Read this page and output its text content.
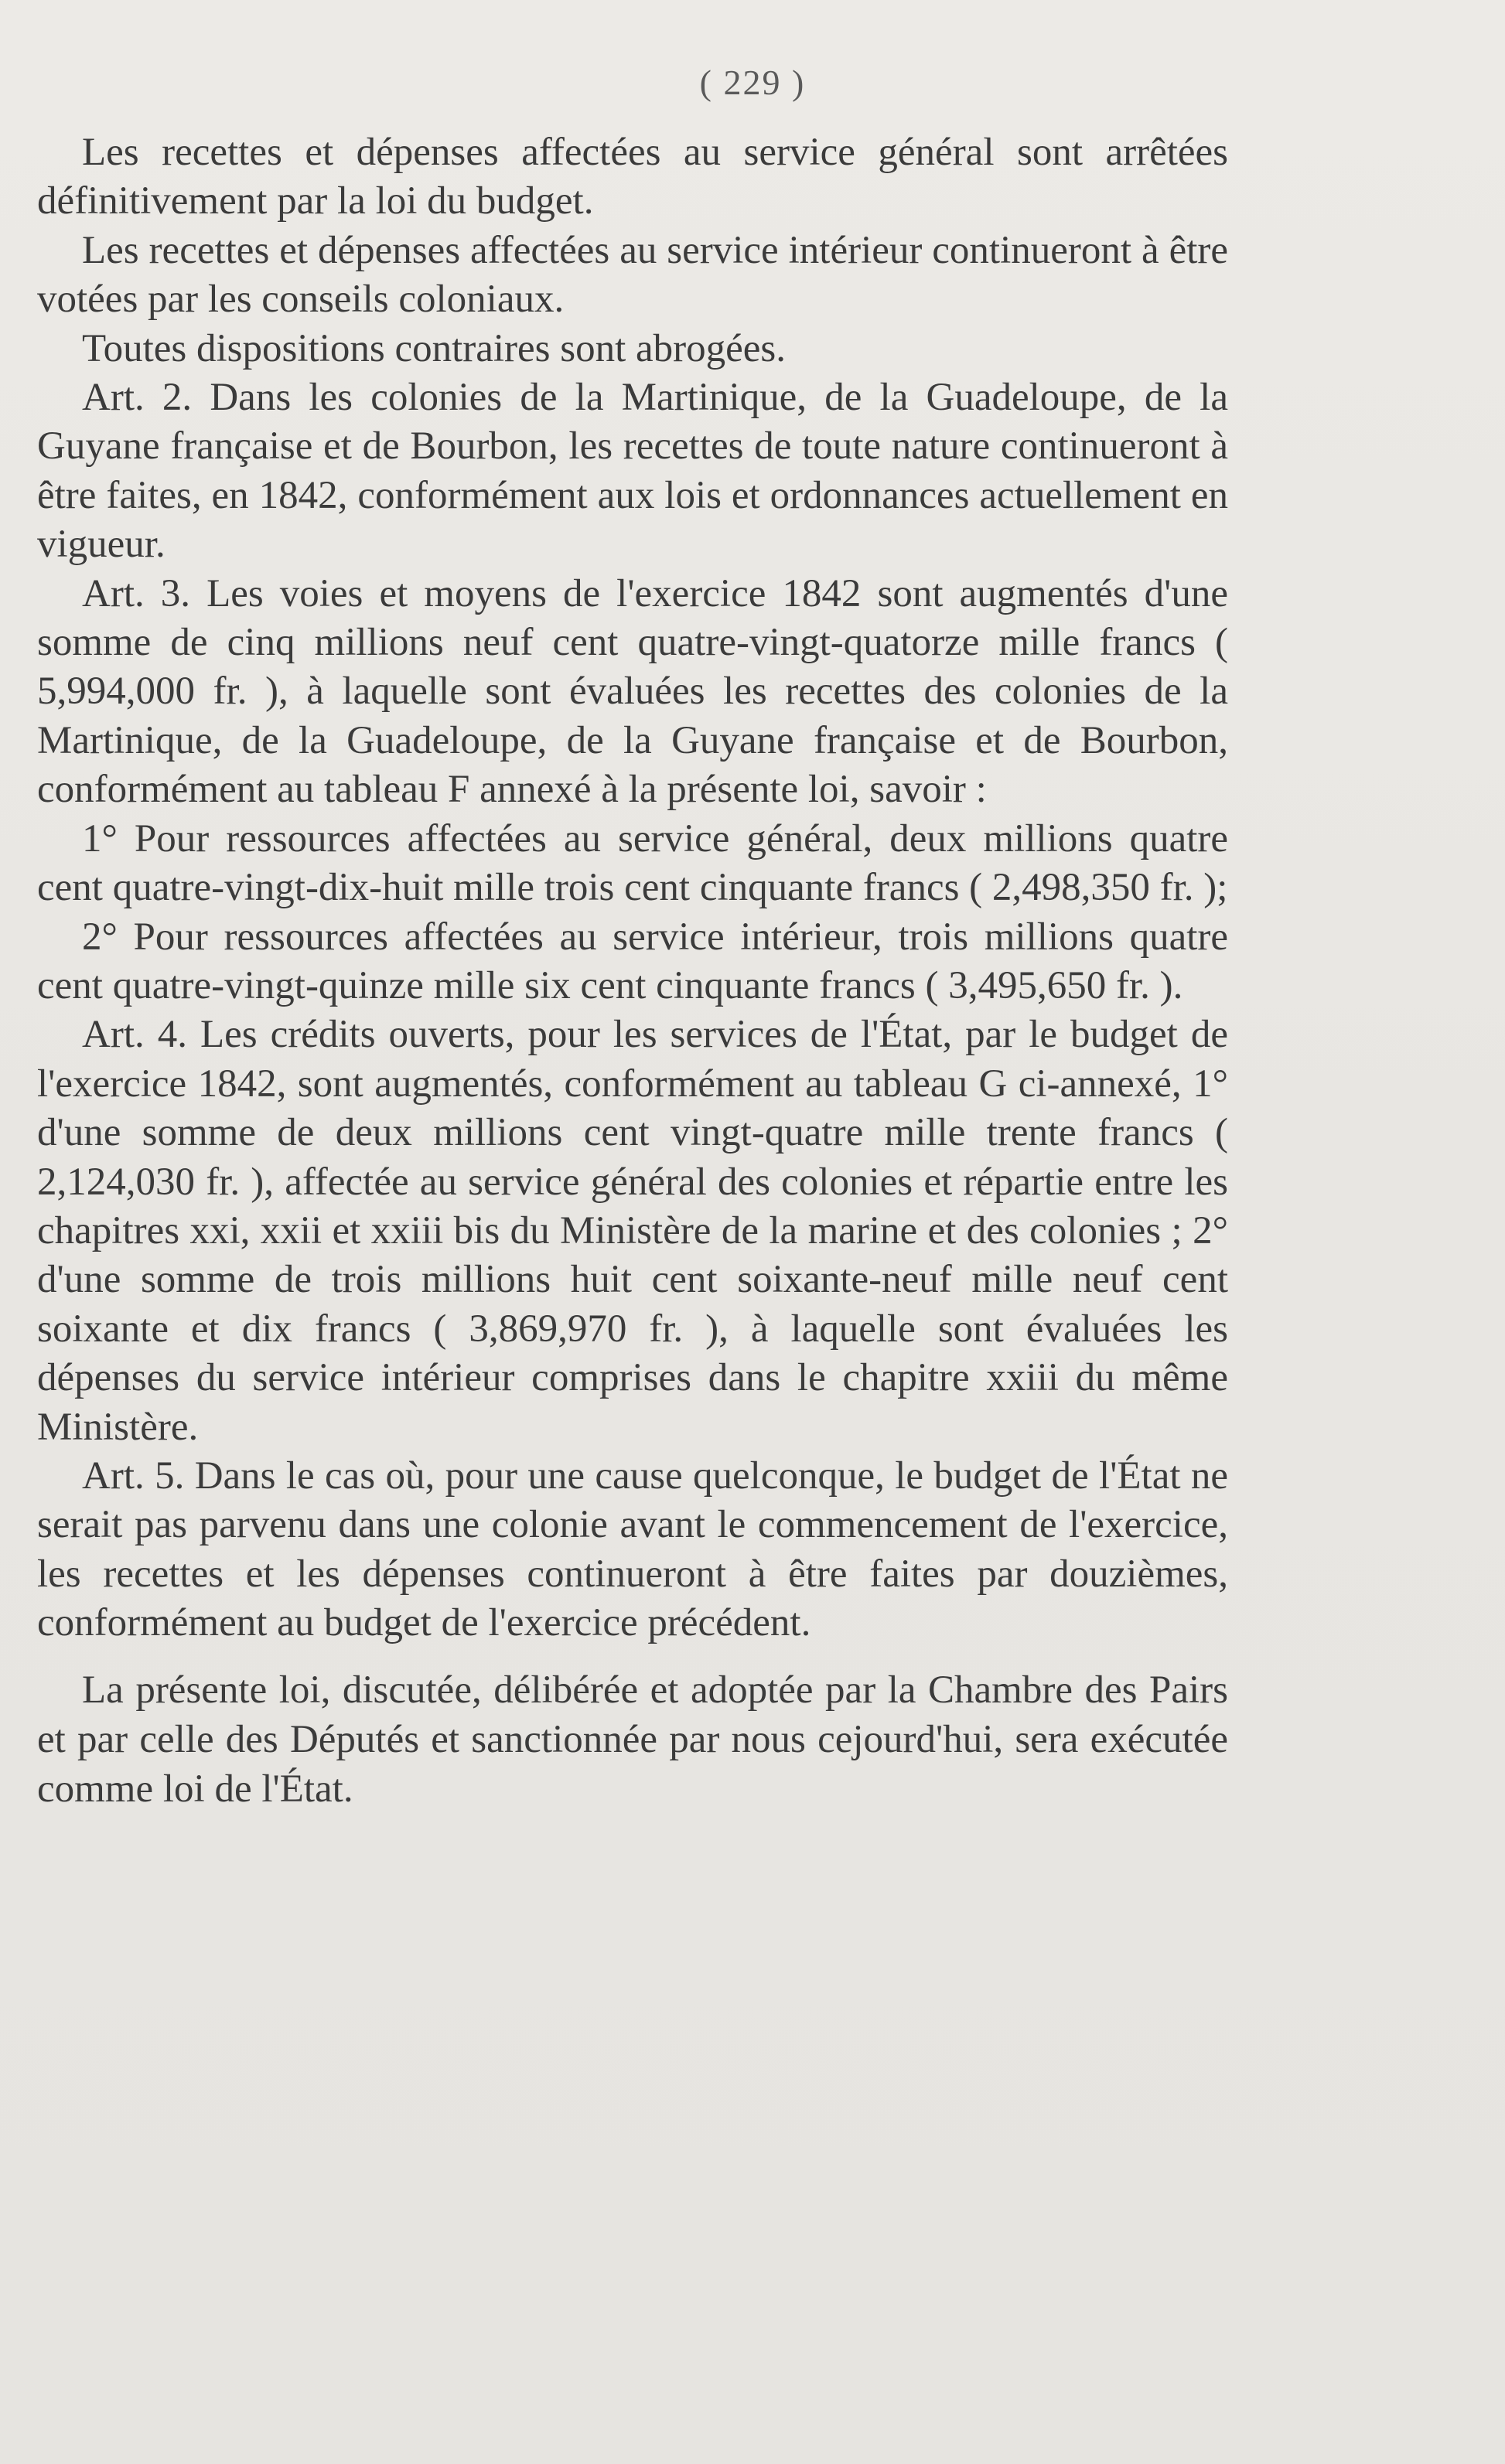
( 229 )

Les recettes et dépenses affectées au service général sont arrêtées définitivement par la loi du budget.

Les recettes et dépenses affectées au service intérieur continueront à être votées par les conseils coloniaux.

Toutes dispositions contraires sont abrogées.

Art. 2. Dans les colonies de la Martinique, de la Guadeloupe, de la Guyane française et de Bourbon, les recettes de toute nature continueront à être faites, en 1842, conformément aux lois et ordonnances actuellement en vigueur.

Art. 3. Les voies et moyens de l'exercice 1842 sont augmentés d'une somme de cinq millions neuf cent quatre-vingt-quatorze mille francs ( 5,994,000 fr. ), à laquelle sont évaluées les recettes des colonies de la Martinique, de la Guadeloupe, de la Guyane française et de Bourbon, conformément au tableau F annexé à la présente loi, savoir :

1° Pour ressources affectées au service général, deux millions quatre cent quatre-vingt-dix-huit mille trois cent cinquante francs ( 2,498,350 fr. );

2° Pour ressources affectées au service intérieur, trois millions quatre cent quatre-vingt-quinze mille six cent cinquante francs ( 3,495,650 fr. ).

Art. 4. Les crédits ouverts, pour les services de l'État, par le budget de l'exercice 1842, sont augmentés, conformément au tableau G ci-annexé, 1° d'une somme de deux millions cent vingt-quatre mille trente francs ( 2,124,030 fr. ), affectée au service général des colonies et répartie entre les chapitres xxi, xxii et xxiii bis du Ministère de la marine et des colonies ; 2° d'une somme de trois millions huit cent soixante-neuf mille neuf cent soixante et dix francs ( 3,869,970 fr. ), à laquelle sont évaluées les dépenses du service intérieur comprises dans le chapitre xxiii du même Ministère.

Art. 5. Dans le cas où, pour une cause quelconque, le budget de l'État ne serait pas parvenu dans une colonie avant le commencement de l'exercice, les recettes et les dépenses continueront à être faites par douzièmes, conformément au budget de l'exercice précédent.

La présente loi, discutée, délibérée et adoptée par la Chambre des Pairs et par celle des Députés et sanctionnée par nous cejourd'hui, sera exécutée comme loi de l'État.
